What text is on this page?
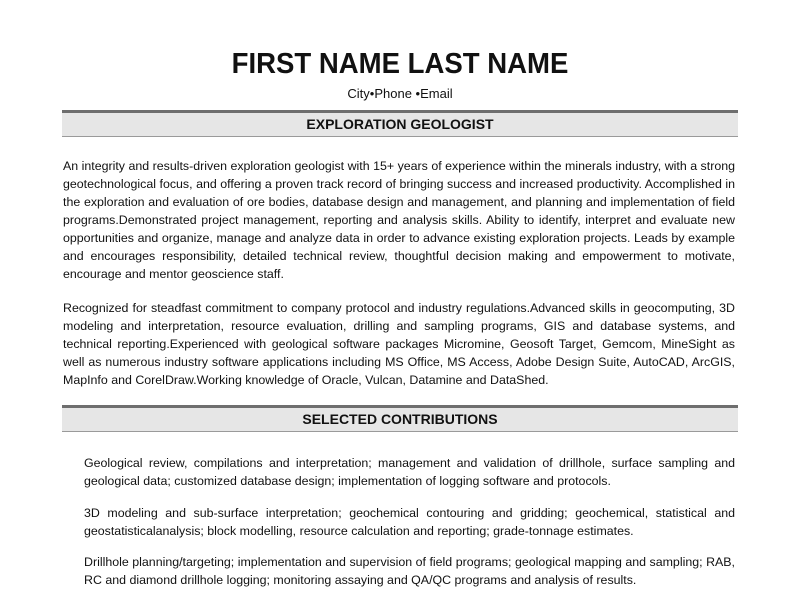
FIRST NAME LAST NAME
City•Phone •Email
EXPLORATION GEOLOGIST
An integrity and results-driven exploration geologist with 15+ years of experience within the minerals industry, with a strong geotechnological focus, and offering a proven track record of bringing success and increased productivity. Accomplished in the exploration and evaluation of ore bodies, database design and management, and planning and implementation of field programs.Demonstrated project management, reporting and analysis skills. Ability to identify, interpret and evaluate new opportunities and organize, manage and analyze data in order to advance existing exploration projects. Leads by example and encourages responsibility, detailed technical review, thoughtful decision making and empowerment to motivate, encourage and mentor geoscience staff.
Recognized for steadfast commitment to company protocol and industry regulations.Advanced skills in geocomputing, 3D modeling and interpretation, resource evaluation, drilling and sampling programs, GIS and database systems, and technical reporting.Experienced with geological software packages Micromine, Geosoft Target, Gemcom, MineSight as well as numerous industry software applications including MS Office, MS Access, Adobe Design Suite, AutoCAD, ArcGIS, MapInfo and CorelDraw.Working knowledge of Oracle, Vulcan, Datamine and DataShed.
SELECTED CONTRIBUTIONS
Geological review, compilations and interpretation; management and validation of drillhole, surface sampling and geological data; customized database design; implementation of logging software and protocols.
3D modeling and sub-surface interpretation; geochemical contouring and gridding; geochemical, statistical and geostatisticalanalysis; block modelling, resource calculation and reporting; grade-tonnage estimates.
Drillhole planning/targeting; implementation and supervision of field programs; geological mapping and sampling; RAB, RC and diamond drillhole logging; monitoring assaying and QA/QC programs and analysis of results.
